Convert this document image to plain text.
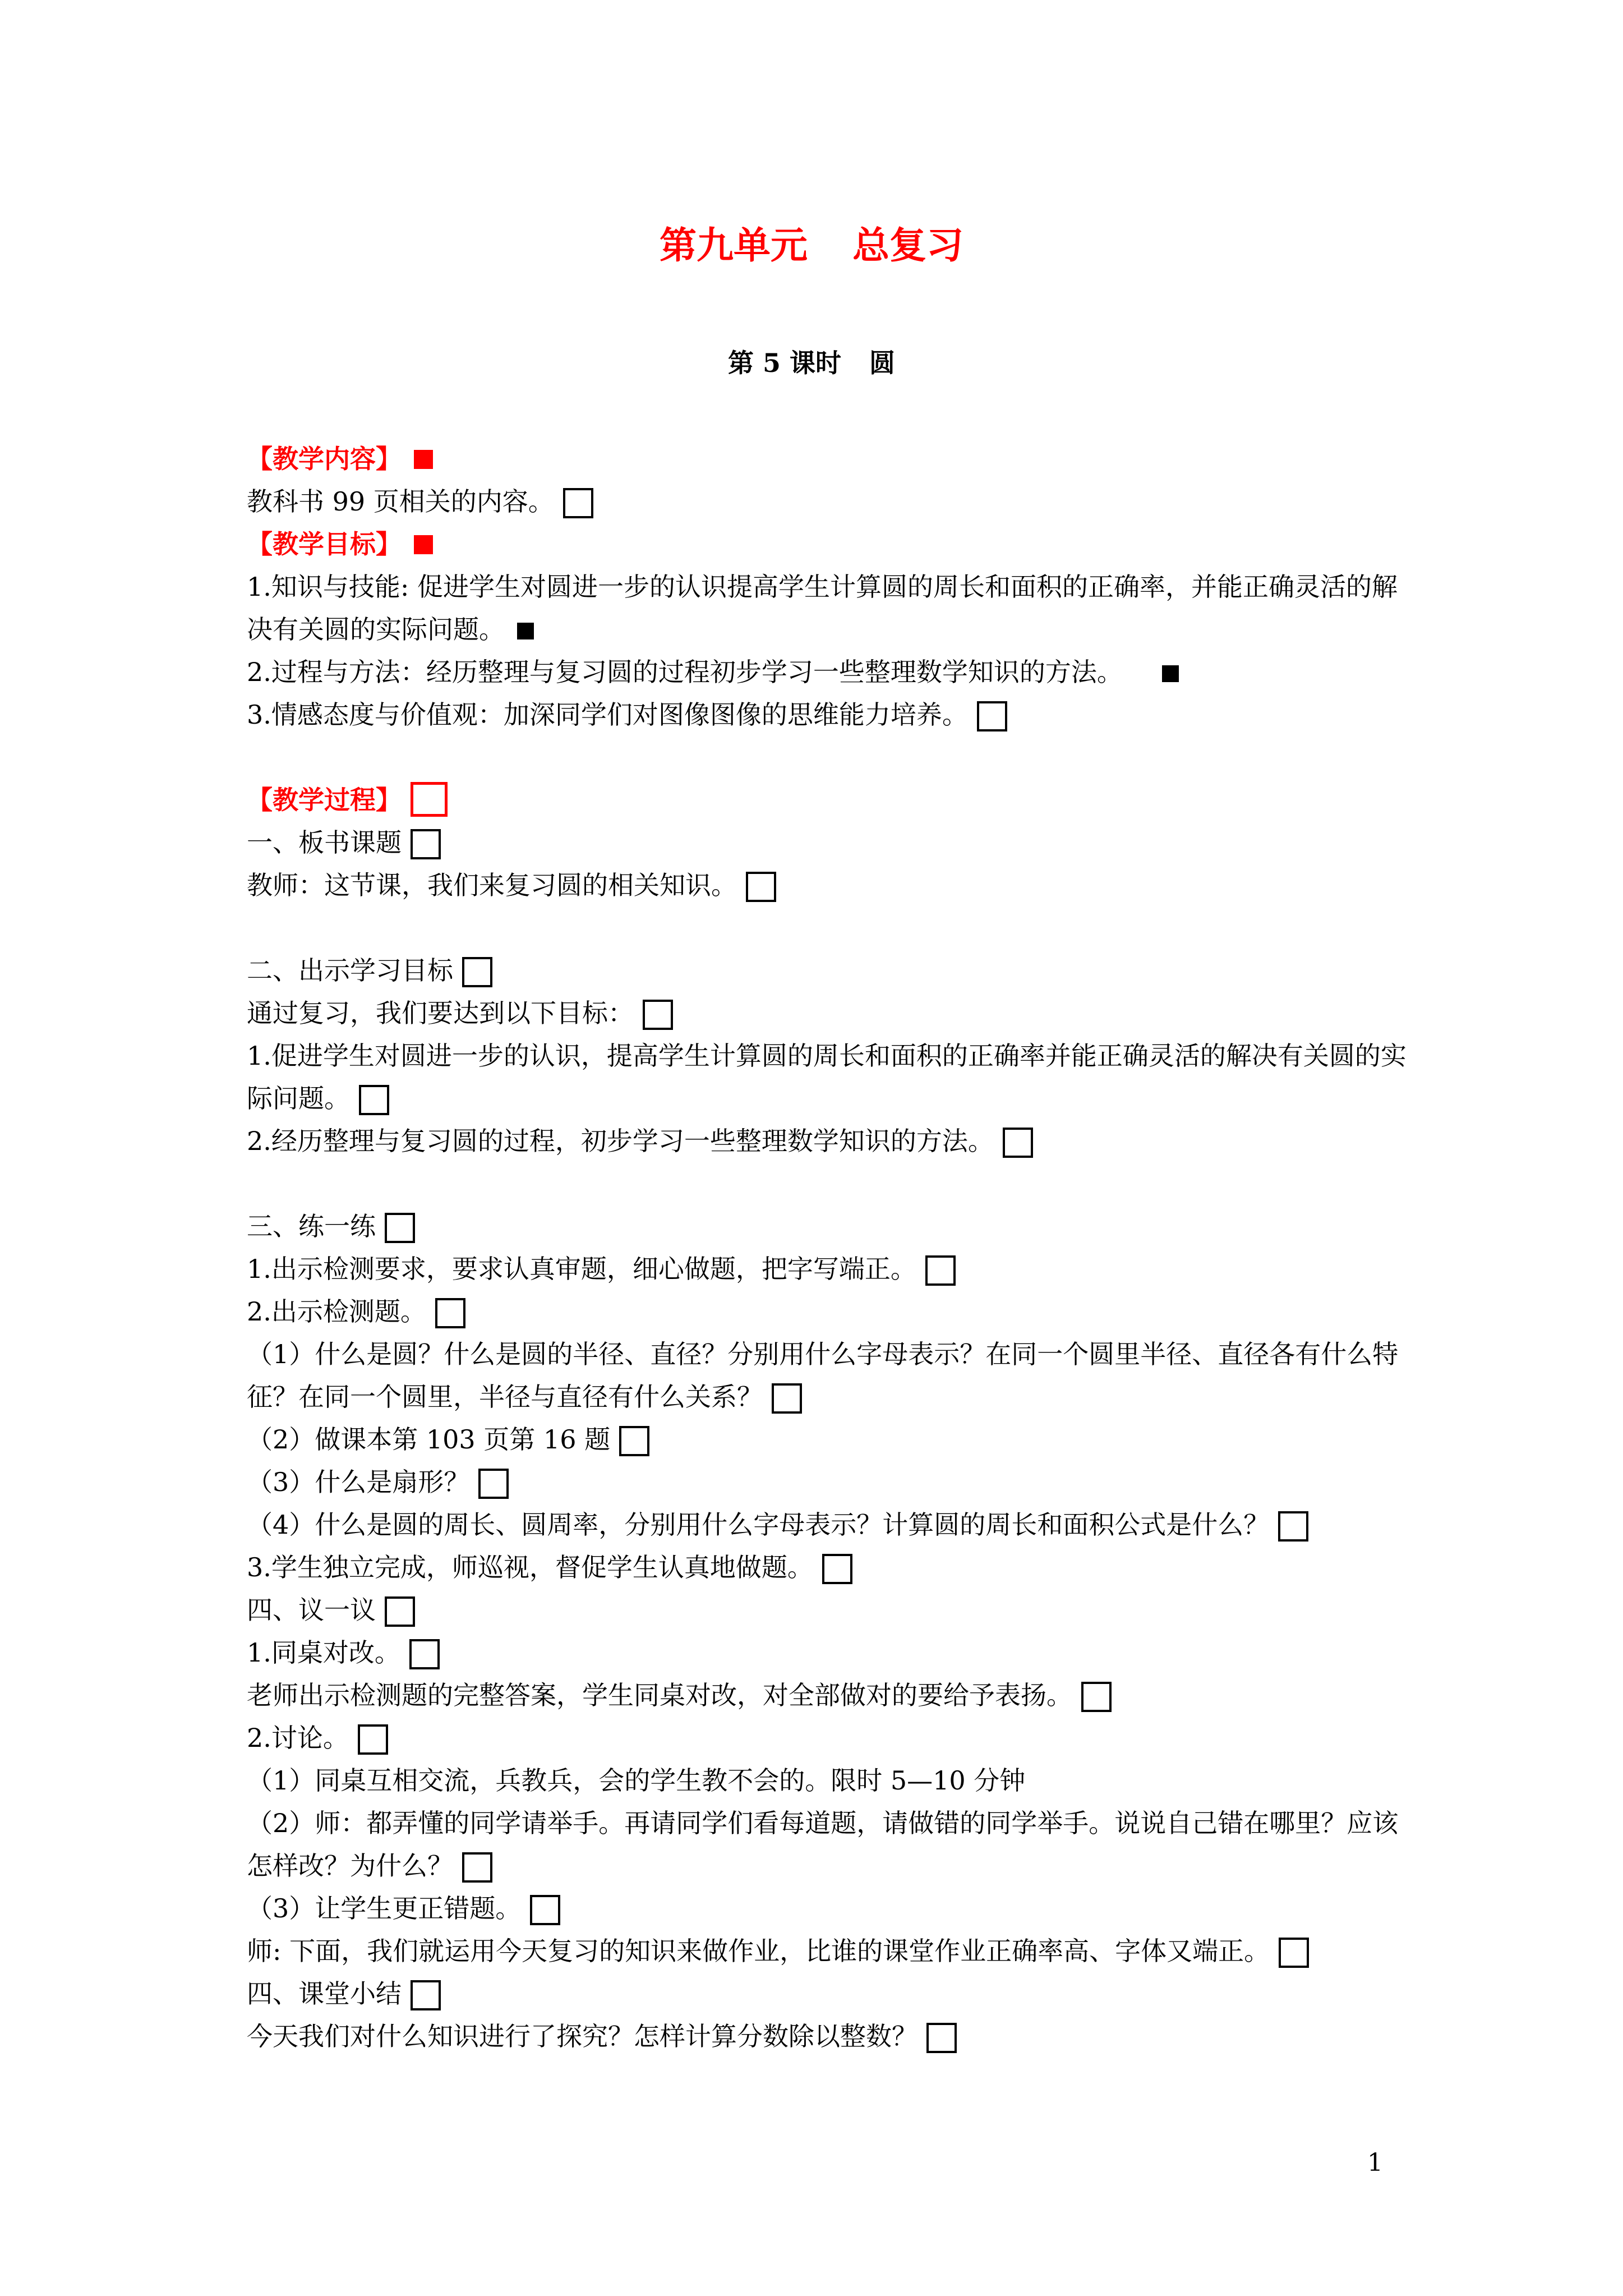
第九单元 总复习
第 5 课时 圆
【教学内容】
教科书 99 页相关的内容。
【教学目标】
1.知识与技能: 促进学生对圆进一步的认识提高学生计算圆的周长和面积的正确率，并能正确灵活的解决有关圆的实际问题。
2.过程与方法：经历整理与复习圆的过程初步学习一些整理数学知识的方法。
3.情感态度与价值观：加深同学们对图像图像的思维能力培养。
【教学过程】
一、板书课题
教师：这节课，我们来复习圆的相关知识。
二、出示学习目标
通过复习，我们要达到以下目标：
1.促进学生对圆进一步的认识，提高学生计算圆的周长和面积的正确率并能正确灵活的解决有关圆的实际问题。
2.经历整理与复习圆的过程，初步学习一些整理数学知识的方法。
三、练一练
1.出示检测要求，要求认真审题，细心做题，把字写端正。
2.出示检测题。
（1）什么是圆？什么是圆的半径、直径？分别用什么字母表示？在同一个圆里半径、直径各有什么特征？在同一个圆里，半径与直径有什么关系？
（2）做课本第 103 页第 16 题
（3）什么是扇形？
（4）什么是圆的周长、圆周率，分别用什么字母表示？计算圆的周长和面积公式是什么？
3.学生独立完成，师巡视，督促学生认真地做题。
四、议一议
1.同桌对改。
老师出示检测题的完整答案，学生同桌对改，对全部做对的要给予表扬。
2.讨论。
（1）同桌互相交流，兵教兵，会的学生教不会的。限时 5—10 分钟
（2）师：都弄懂的同学请举手。再请同学们看每道题，请做错的同学举手。说说自己错在哪里？应该怎样改？为什么？
（3）让学生更正错题。
师: 下面，我们就运用今天复习的知识来做作业，比谁的课堂作业正确率高、字体又端正。
四、课堂小结
今天我们对什么知识进行了探究？怎样计算分数除以整数？
1
